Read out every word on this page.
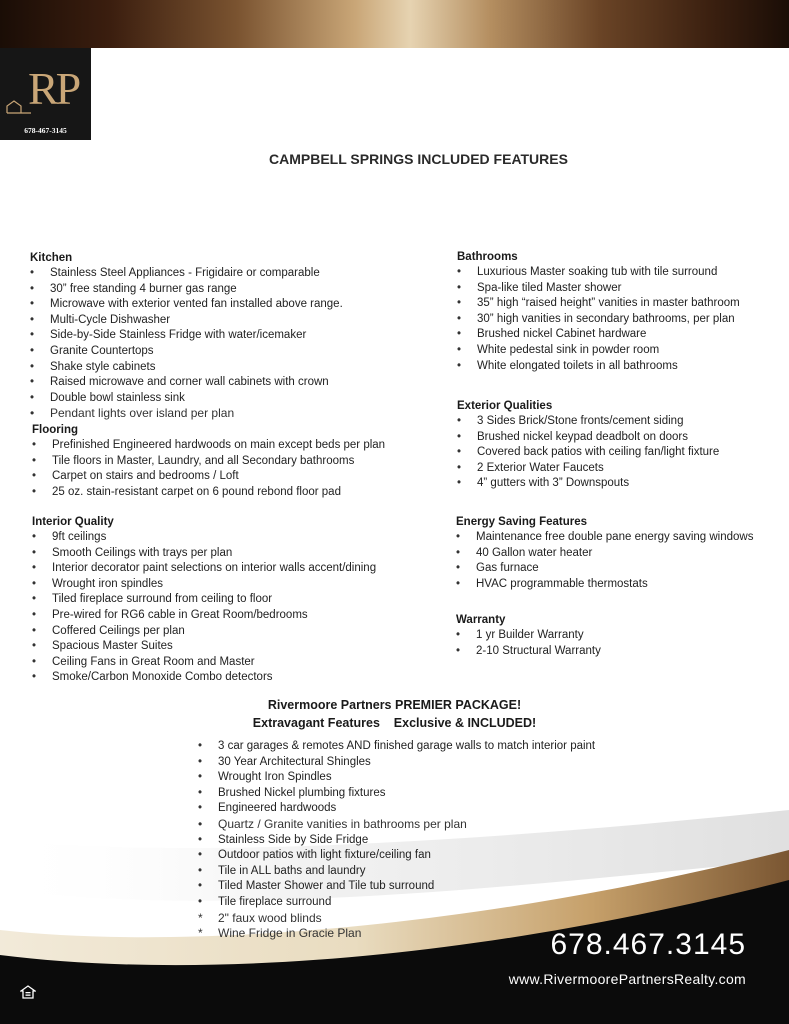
RP
678-467-3145
CAMPBELL SPRINGS INCLUDED FEATURES
Kitchen
• Stainless Steel Appliances - Frigidaire or comparable
• 30” free standing 4 burner gas range
• Microwave with exterior vented fan installed above range.
• Multi-Cycle Dishwasher
• Side-by-Side Stainless Fridge with water/icemaker
• Granite Countertops
• Shake style cabinets
• Raised microwave and corner wall cabinets with crown
• Double bowl stainless sink
• Pendant lights over island per plan
Flooring
• Prefinished Engineered hardwoods on main except beds per plan
• Tile floors in Master, Laundry, and all Secondary bathrooms
• Carpet on stairs and bedrooms / Loft
• 25 oz. stain-resistant carpet on 6 pound rebond floor pad
Interior Quality
• 9ft ceilings
• Smooth Ceilings with trays per plan
• Interior decorator paint selections on interior walls accent/dining
• Wrought iron spindles
• Tiled fireplace surround from ceiling to floor
• Pre-wired for RG6 cable in Great Room/bedrooms
• Coffered Ceilings per plan
• Spacious Master Suites
• Ceiling Fans in Great Room and Master
• Smoke/Carbon Monoxide Combo detectors
Bathrooms
• Luxurious Master soaking tub with tile surround
• Spa-like tiled Master shower
• 35” high “raised height” vanities in master bathroom
• 30” high vanities in secondary bathrooms, per plan
• Brushed nickel Cabinet hardware
• White pedestal sink in powder room
• White elongated toilets in all bathrooms
Exterior Qualities
• 3 Sides Brick/Stone fronts/cement siding
• Brushed nickel keypad deadbolt on doors
• Covered back patios with ceiling fan/light fixture
• 2 Exterior Water Faucets
• 4” gutters with 3” Downspouts
Energy Saving Features
• Maintenance free double pane energy saving windows
• 40 Gallon water heater
• Gas furnace
• HVAC programmable thermostats
Warranty
• 1 yr Builder Warranty
• 2-10 Structural Warranty
Rivermoore Partners PREMIER PACKAGE!
Extravagant Features    Exclusive & INCLUDED!
• 3 car garages & remotes AND finished garage walls to match interior paint
• 30 Year Architectural Shingles
• Wrought Iron Spindles
• Brushed Nickel plumbing fixtures
• Engineered hardwoods
• Quartz / Granite vanities in bathrooms per plan
• Stainless Side by Side Fridge
• Outdoor patios with light fixture/ceiling fan
• Tile in ALL baths and laundry
• Tiled Master Shower and Tile tub surround
• Tile fireplace surround
* 2" faux wood blinds
* Wine Fridge in Gracie Plan	678.467.3145
www.RivermoorePartnersRealty.com
